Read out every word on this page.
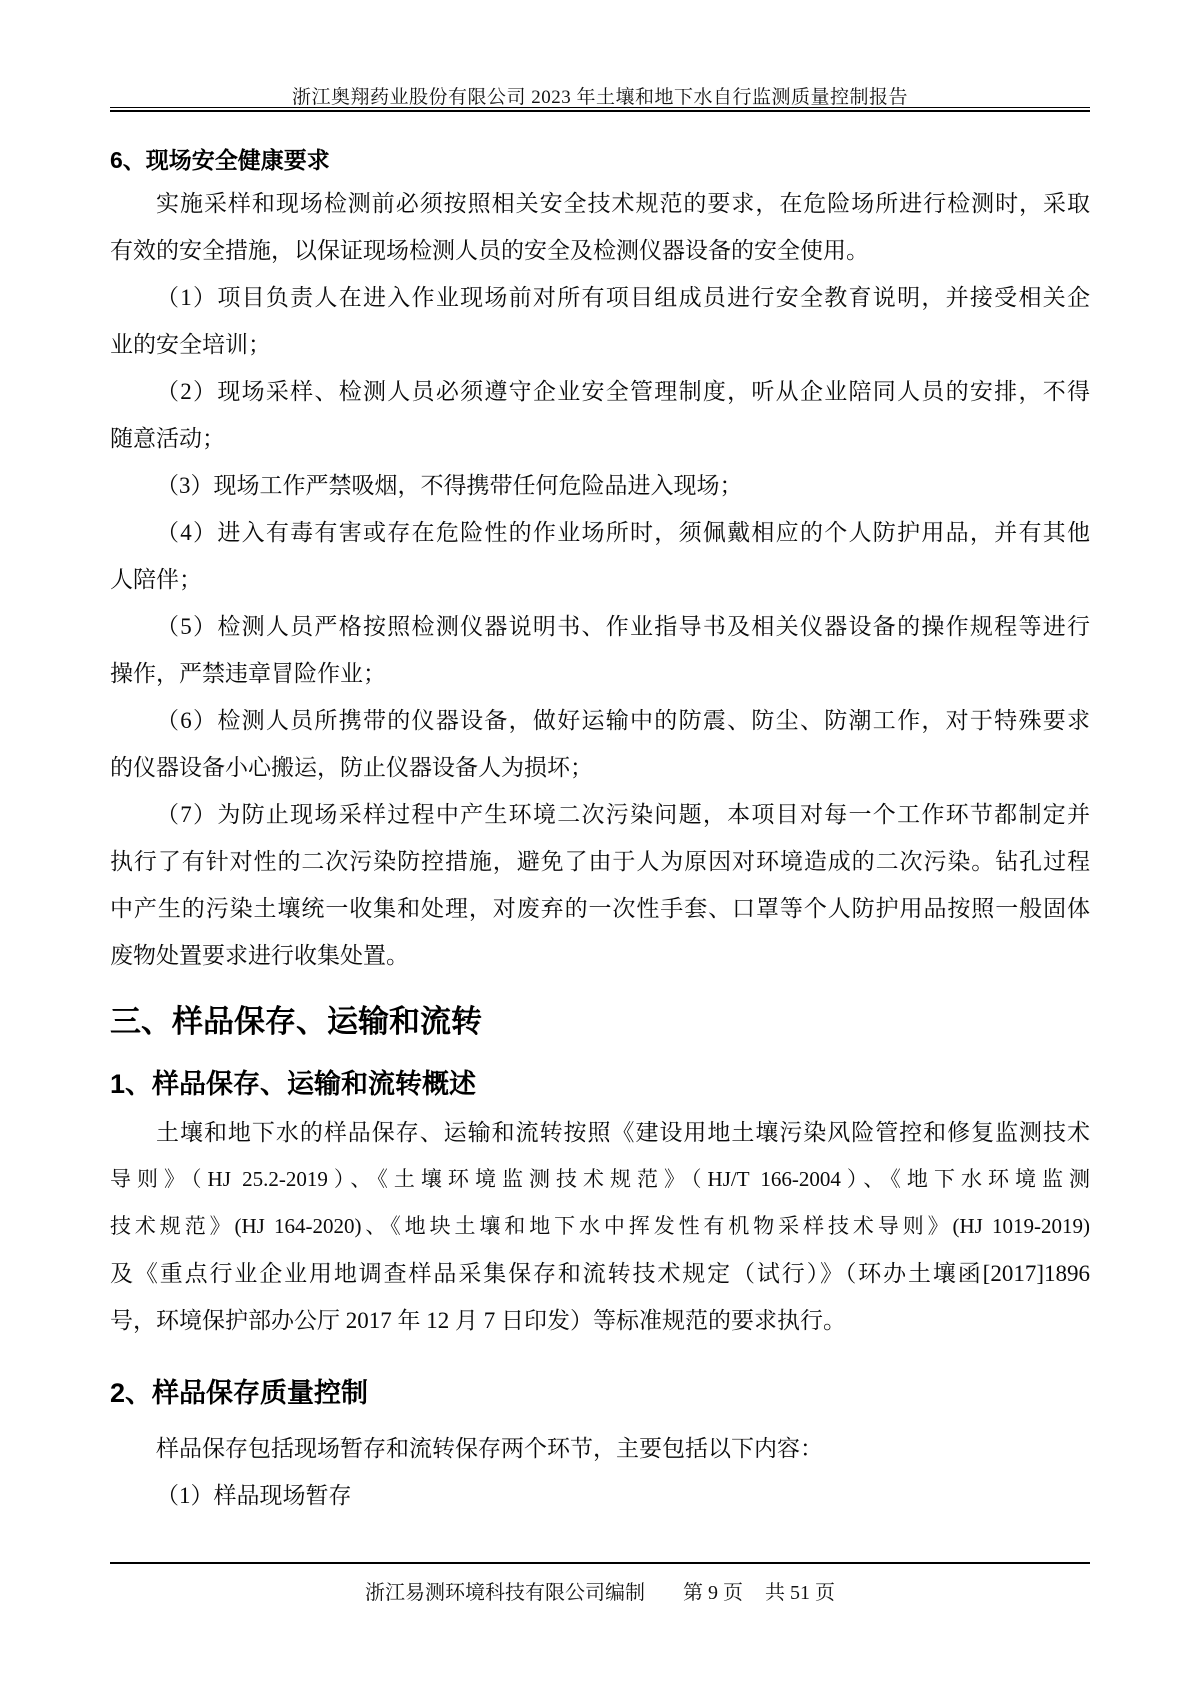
浙江奥翔药业股份有限公司 2023 年土壤和地下水自行监测质量控制报告
6、现场安全健康要求

实施采样和现场检测前必须按照相关安全技术规范的要求，在危险场所进行检测时，采取
有效的安全措施，以保证现场检测人员的安全及检测仪器设备的安全使用。

（1）项目负责人在进入作业现场前对所有项目组成员进行安全教育说明，并接受相关企
业的安全培训；

（2）现场采样、检测人员必须遵守企业安全管理制度，听从企业陪同人员的安排，不得
随意活动；

（3）现场工作严禁吸烟，不得携带任何危险品进入现场；

（4）进入有毒有害或存在危险性的作业场所时，须佩戴相应的个人防护用品，并有其他
人陪伴；

（5）检测人员严格按照检测仪器说明书、作业指导书及相关仪器设备的操作规程等进行
操作，严禁违章冒险作业；

（6）检测人员所携带的仪器设备，做好运输中的防震、防尘、防潮工作，对于特殊要求
的仪器设备小心搬运，防止仪器设备人为损坏；

（7）为防止现场采样过程中产生环境二次污染问题，本项目对每一个工作环节都制定并
执行了有针对性的二次污染防控措施，避免了由于人为原因对环境造成的二次污染。钻孔过程
中产生的污染土壤统一收集和处理，对废弃的一次性手套、口罩等个人防护用品按照一般固体
废物处置要求进行收集处置。

三、样品保存、运输和流转
1、样品保存、运输和流转概述

土壤和地下水的样品保存、运输和流转按照《建设用地土壤污染风险管控和修复监测技术
导则》（HJ 25.2-2019）、《土壤环境监测技术规范》（HJ/T 166-2004）、《地下水环境监测
技术规范》(HJ 164-2020)、《地块土壤和地下水中挥发性有机物采样技术导则》(HJ 1019-2019)
及《重点行业企业用地调查样品采集保存和流转技术规定（试行）》（环办土壤函[2017]1896
号，环境保护部办公厅 2017 年 12 月 7 日印发）等标准规范的要求执行。

2、样品保存质量控制

样品保存包括现场暂存和流转保存两个环节，主要包括以下内容：

（1）样品现场暂存

浙江易测环境科技有限公司编制 第 9 页 共 51 页
